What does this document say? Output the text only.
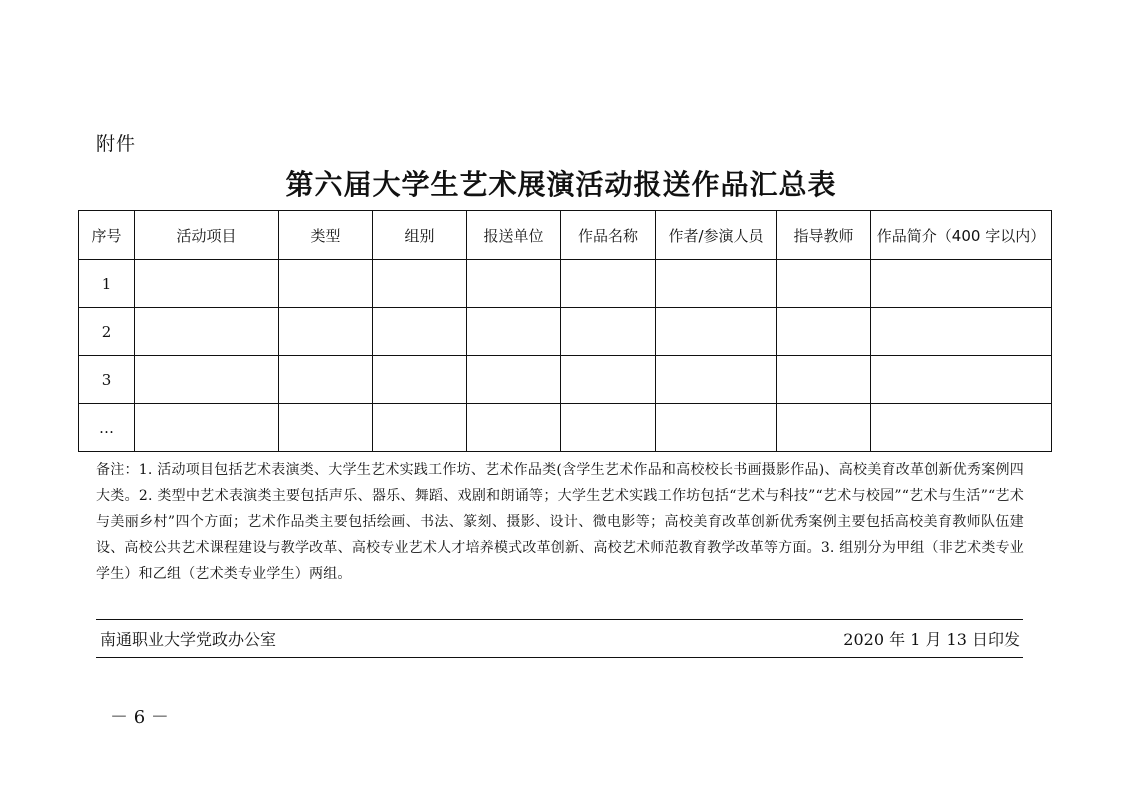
附件
第六届大学生艺术展演活动报送作品汇总表
序号	活动项目	类型	组别	报送单位	作品名称	作者/参演人员	指导教师	作品简介（400 字以内）
1								
2								
3								
…								
备注：1. 活动项目包括艺术表演类、大学生艺术实践工作坊、艺术作品类(含学生艺术作品和高校校长书画摄影作品)、高校美育改革创新优秀案例四大类。2. 类型中艺术表演类主要包括声乐、器乐、舞蹈、戏剧和朗诵等；大学生艺术实践工作坊包括“艺术与科技”“艺术与校园”“艺术与生活”“艺术与美丽乡村”四个方面；艺术作品类主要包括绘画、书法、篆刻、摄影、设计、微电影等；高校美育改革创新优秀案例主要包括高校美育教师队伍建设、高校公共艺术课程建设与教学改革、高校专业艺术人才培养模式改革创新、高校艺术师范教育教学改革等方面。3. 组别分为甲组（非艺术类专业学生）和乙组（艺术类专业学生）两组。
南通职业大学党政办公室	2020 年 1 月 13 日印发
－ 6 －
